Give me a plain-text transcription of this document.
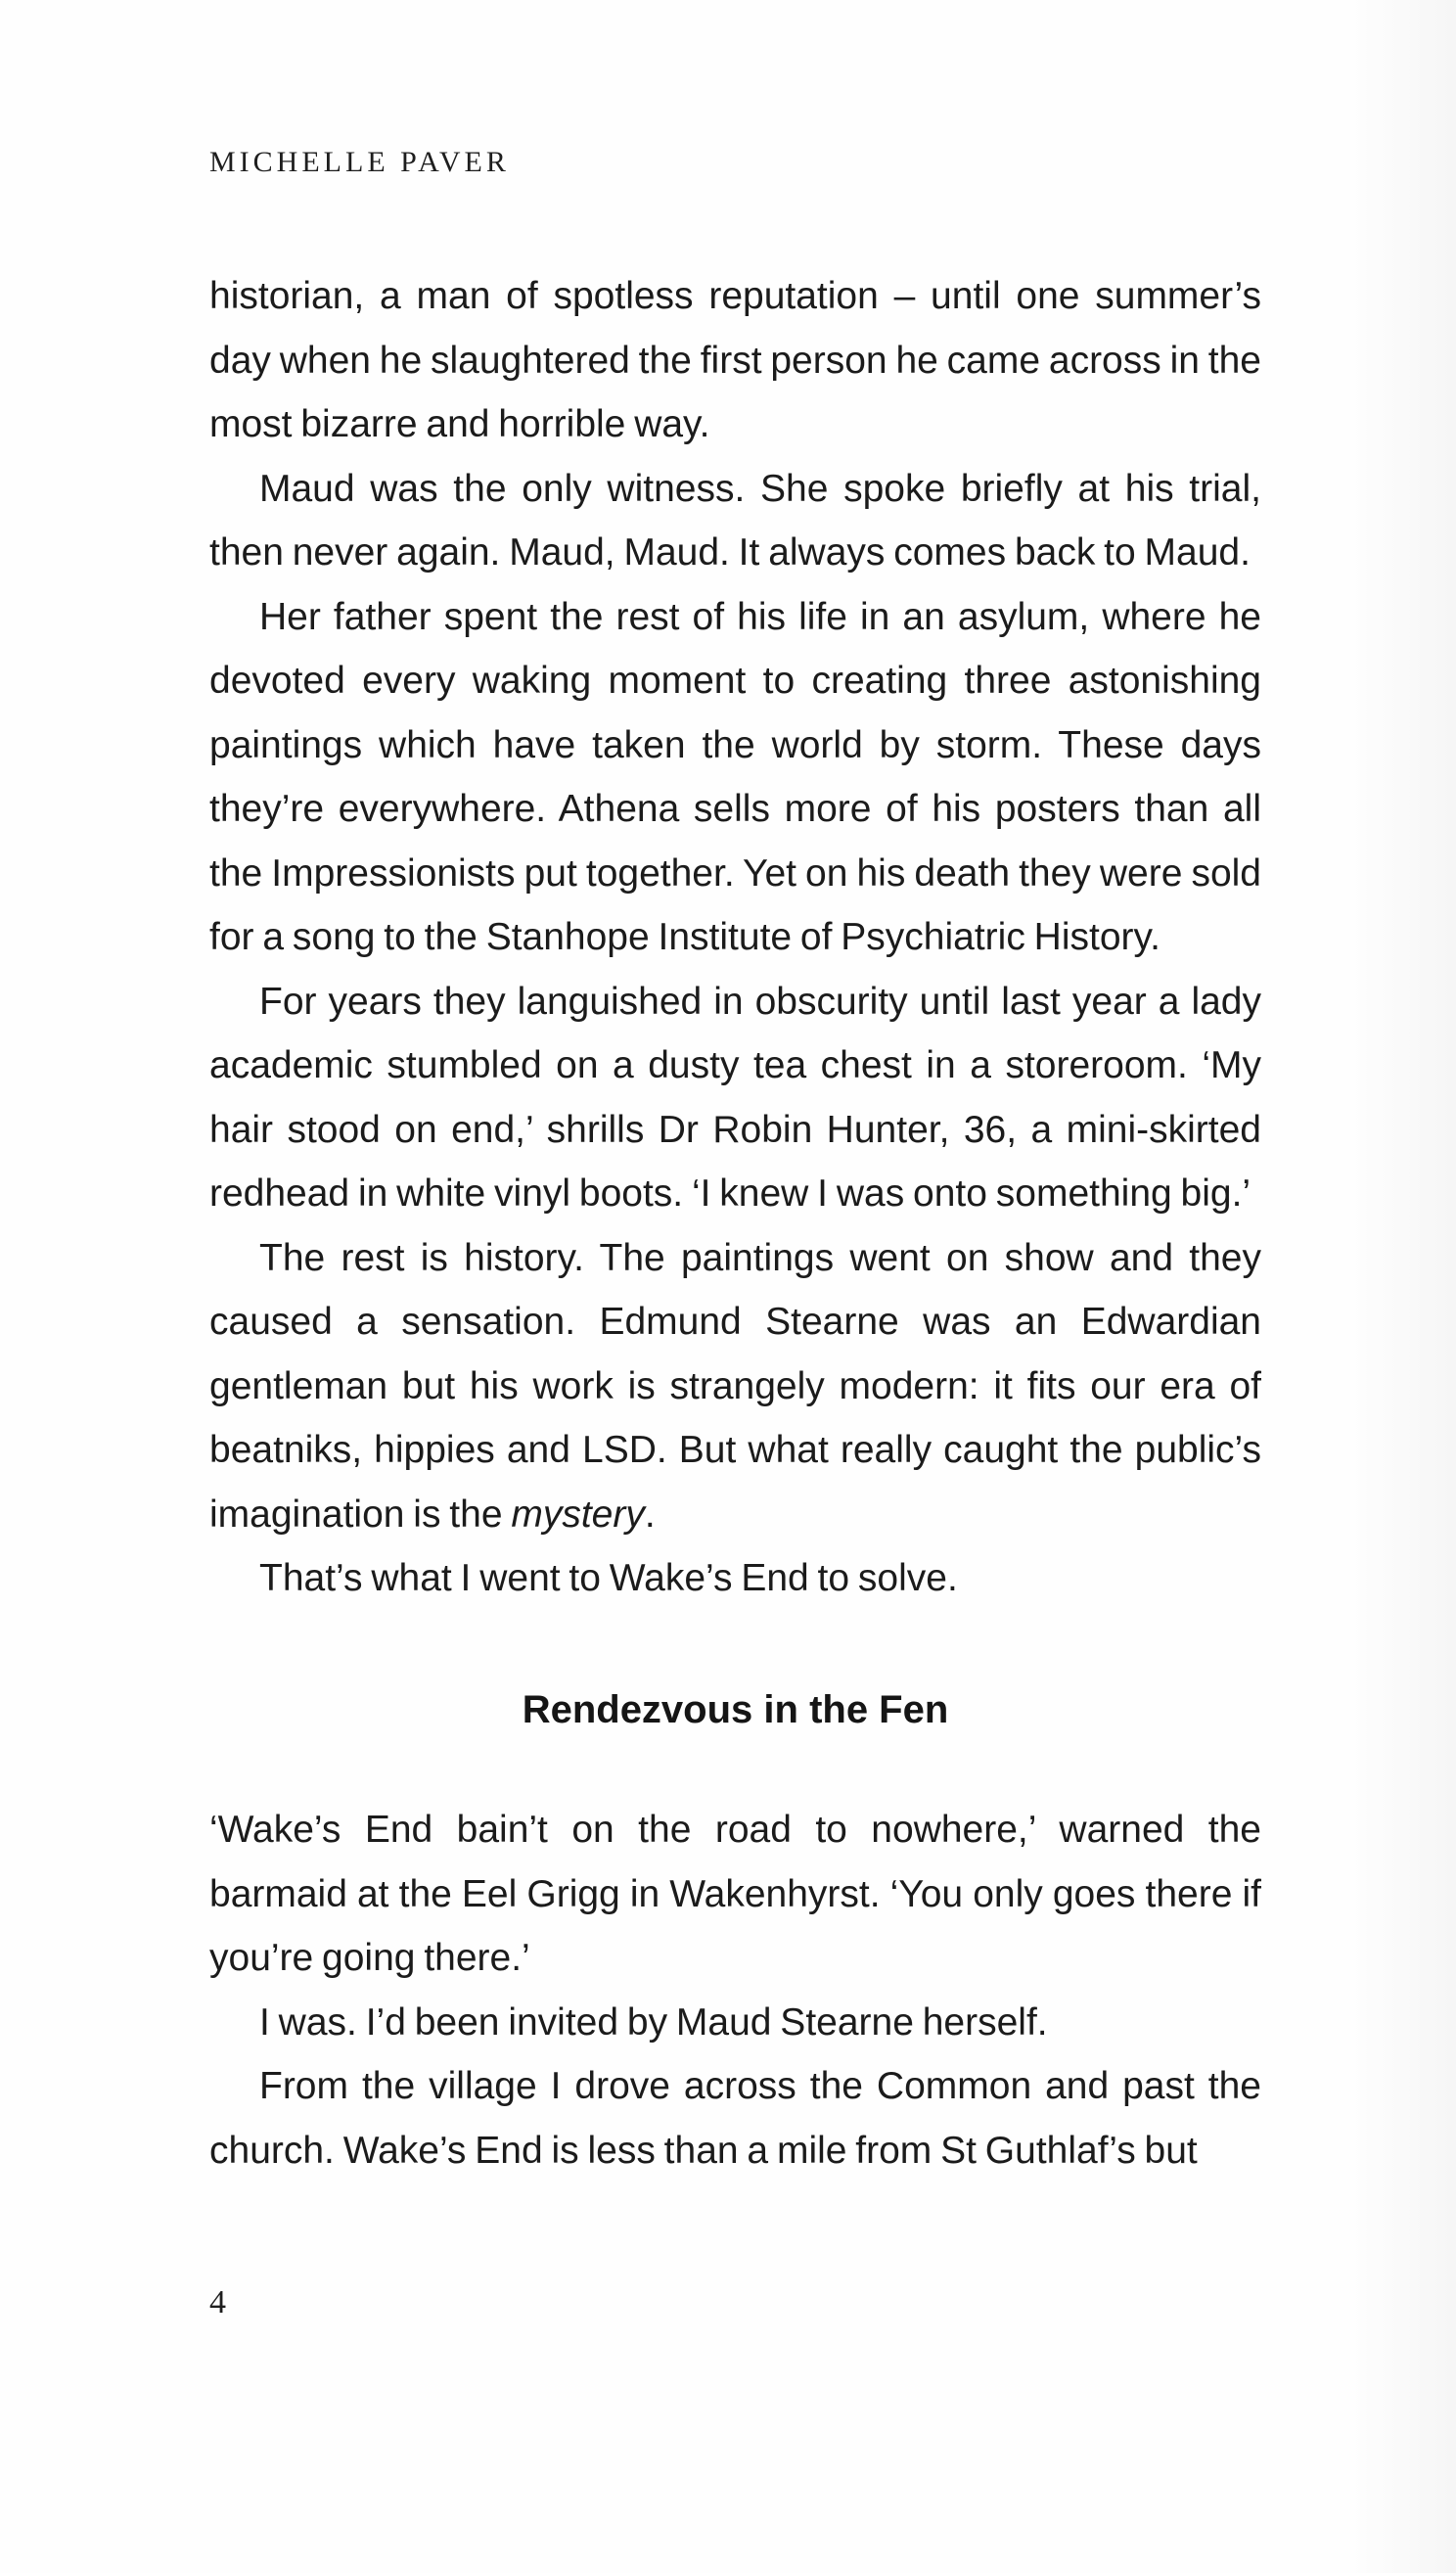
MICHELLE PAVER

historian, a man of spotless reputation – until one summer’s day when he slaughtered the first person he came across in the most bizarre and horrible way.

Maud was the only witness. She spoke briefly at his trial, then never again. Maud, Maud. It always comes back to Maud.

Her father spent the rest of his life in an asylum, where he devoted every waking moment to creating three astonishing paintings which have taken the world by storm. These days they’re everywhere. Athena sells more of his posters than all the Impressionists put together. Yet on his death they were sold for a song to the Stanhope Institute of Psychiatric History.

For years they languished in obscurity until last year a lady academic stumbled on a dusty tea chest in a storeroom. ‘My hair stood on end,’ shrills Dr Robin Hunter, 36, a mini-skirted redhead in white vinyl boots. ‘I knew I was onto something big.’

The rest is history. The paintings went on show and they caused a sensation. Edmund Stearne was an Edwardian gentleman but his work is strangely modern: it fits our era of beatniks, hippies and LSD. But what really caught the public’s imagination is the mystery.

That’s what I went to Wake’s End to solve.

Rendezvous in the Fen

‘Wake’s End bain’t on the road to nowhere,’ warned the barmaid at the Eel Grigg in Wakenhyrst. ‘You only goes there if you’re going there.’

I was. I’d been invited by Maud Stearne herself.

From the village I drove across the Common and past the church. Wake’s End is less than a mile from St Guthlaf’s but

4
